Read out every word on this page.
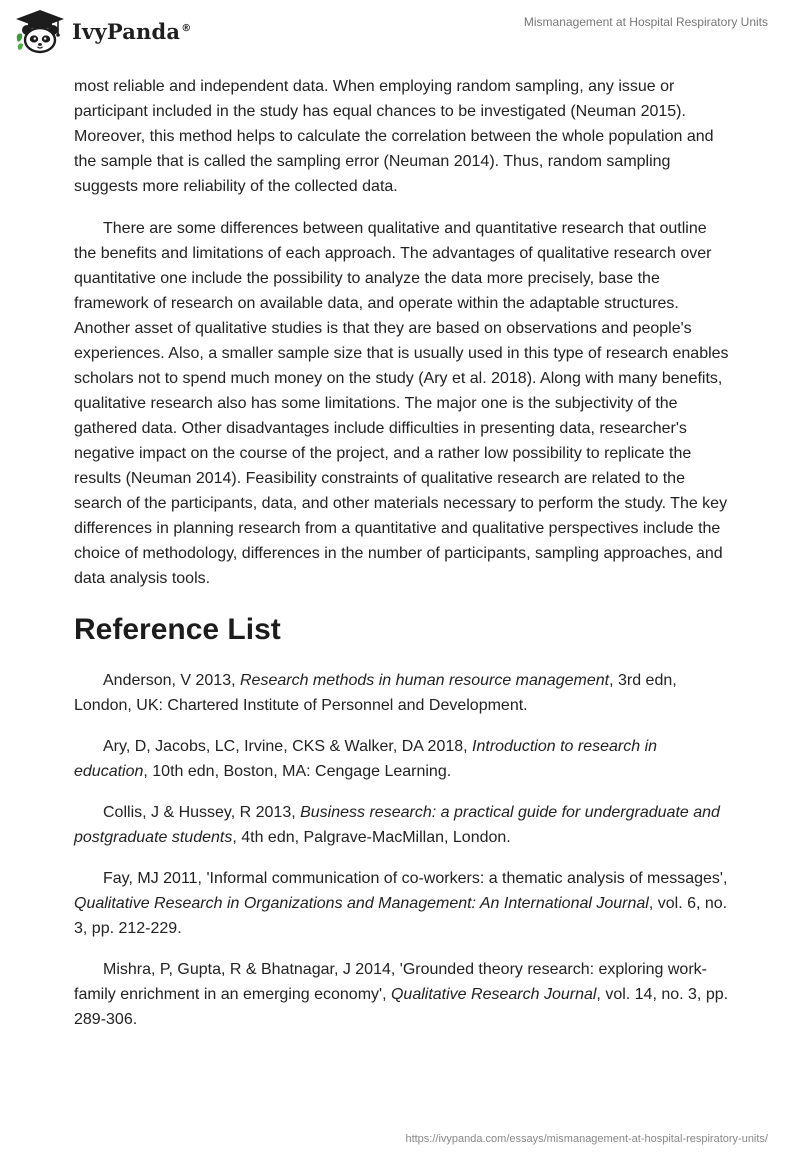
IvyPanda®	Mismanagement at Hospital Respiratory Units

most reliable and independent data. When employing random sampling, any issue or participant included in the study has equal chances to be investigated (Neuman 2015). Moreover, this method helps to calculate the correlation between the whole population and the sample that is called the sampling error (Neuman 2014). Thus, random sampling suggests more reliability of the collected data.

There are some differences between qualitative and quantitative research that outline the benefits and limitations of each approach. The advantages of qualitative research over quantitative one include the possibility to analyze the data more precisely, base the framework of research on available data, and operate within the adaptable structures. Another asset of qualitative studies is that they are based on observations and people's experiences. Also, a smaller sample size that is usually used in this type of research enables scholars not to spend much money on the study (Ary et al. 2018). Along with many benefits, qualitative research also has some limitations. The major one is the subjectivity of the gathered data. Other disadvantages include difficulties in presenting data, researcher's negative impact on the course of the project, and a rather low possibility to replicate the results (Neuman 2014). Feasibility constraints of qualitative research are related to the search of the participants, data, and other materials necessary to perform the study. The key differences in planning research from a quantitative and qualitative perspectives include the choice of methodology, differences in the number of participants, sampling approaches, and data analysis tools.

Reference List

Anderson, V 2013, Research methods in human resource management, 3rd edn, London, UK: Chartered Institute of Personnel and Development.

Ary, D, Jacobs, LC, Irvine, CKS & Walker, DA 2018, Introduction to research in education, 10th edn, Boston, MA: Cengage Learning.

Collis, J & Hussey, R 2013, Business research: a practical guide for undergraduate and postgraduate students, 4th edn, Palgrave-MacMillan, London.

Fay, MJ 2011, 'Informal communication of co-workers: a thematic analysis of messages', Qualitative Research in Organizations and Management: An International Journal, vol. 6, no. 3, pp. 212-229.

Mishra, P, Gupta, R & Bhatnagar, J 2014, 'Grounded theory research: exploring work-family enrichment in an emerging economy', Qualitative Research Journal, vol. 14, no. 3, pp. 289-306.

https://ivypanda.com/essays/mismanagement-at-hospital-respiratory-units/
